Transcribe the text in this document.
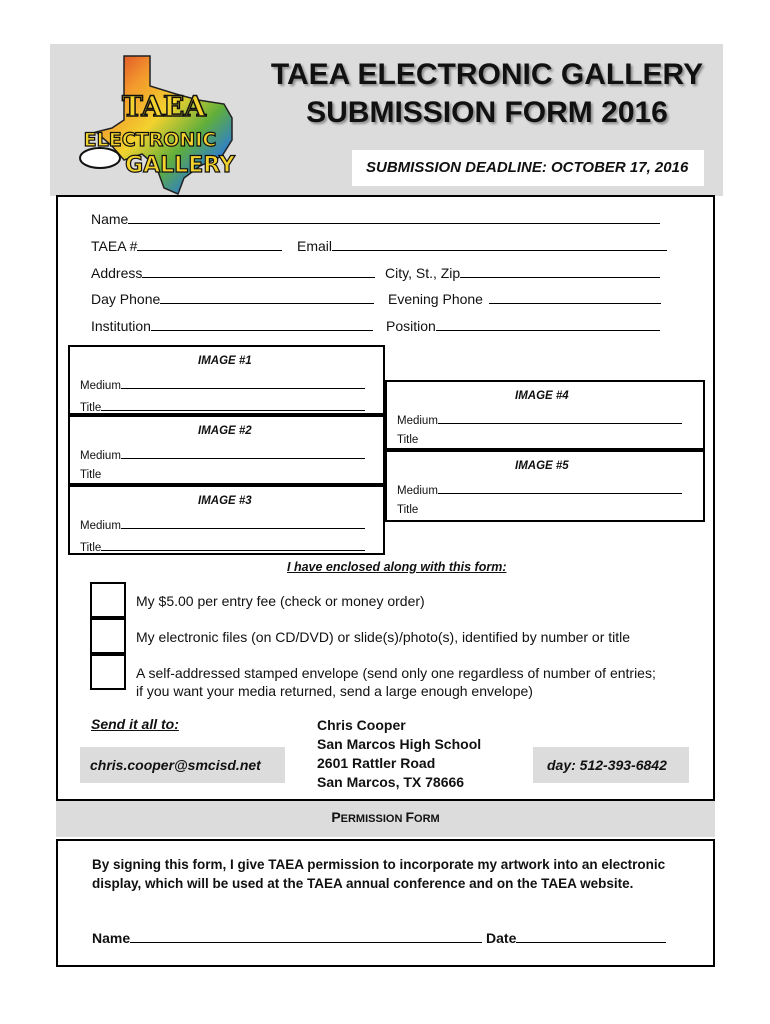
TAEA
ELECTRONIC
GALLERY
TAEA ELECTRONIC GALLERY
SUBMISSION FORM 2016
SUBMISSION DEADLINE: OCTOBER 17, 2016
Name
TAEA #	Email
Address	City, St., Zip
Day Phone	Evening Phone
Institution	Position
IMAGE #1
Medium
Title
IMAGE #2
Medium
Title
IMAGE #3
Medium
Title
IMAGE #4
Medium
Title
IMAGE #5
Medium
Title
I have enclosed along with this form:
My $5.00 per entry fee (check or money order)
My electronic files (on CD/DVD) or slide(s)/photo(s), identified by number or title
A self-addressed stamped envelope (send only one regardless of number of entries;
if you want your media returned, send a large enough envelope)
Send it all to:
chris.cooper@smcisd.net
Chris Cooper
San Marcos High School
2601 Rattler Road
San Marcos, TX 78666
day: 512-393-6842
PERMISSION FORM
By signing this form, I give TAEA permission to incorporate my artwork into an electronic display, which will be used at the TAEA annual conference and on the TAEA website.
Name	Date
